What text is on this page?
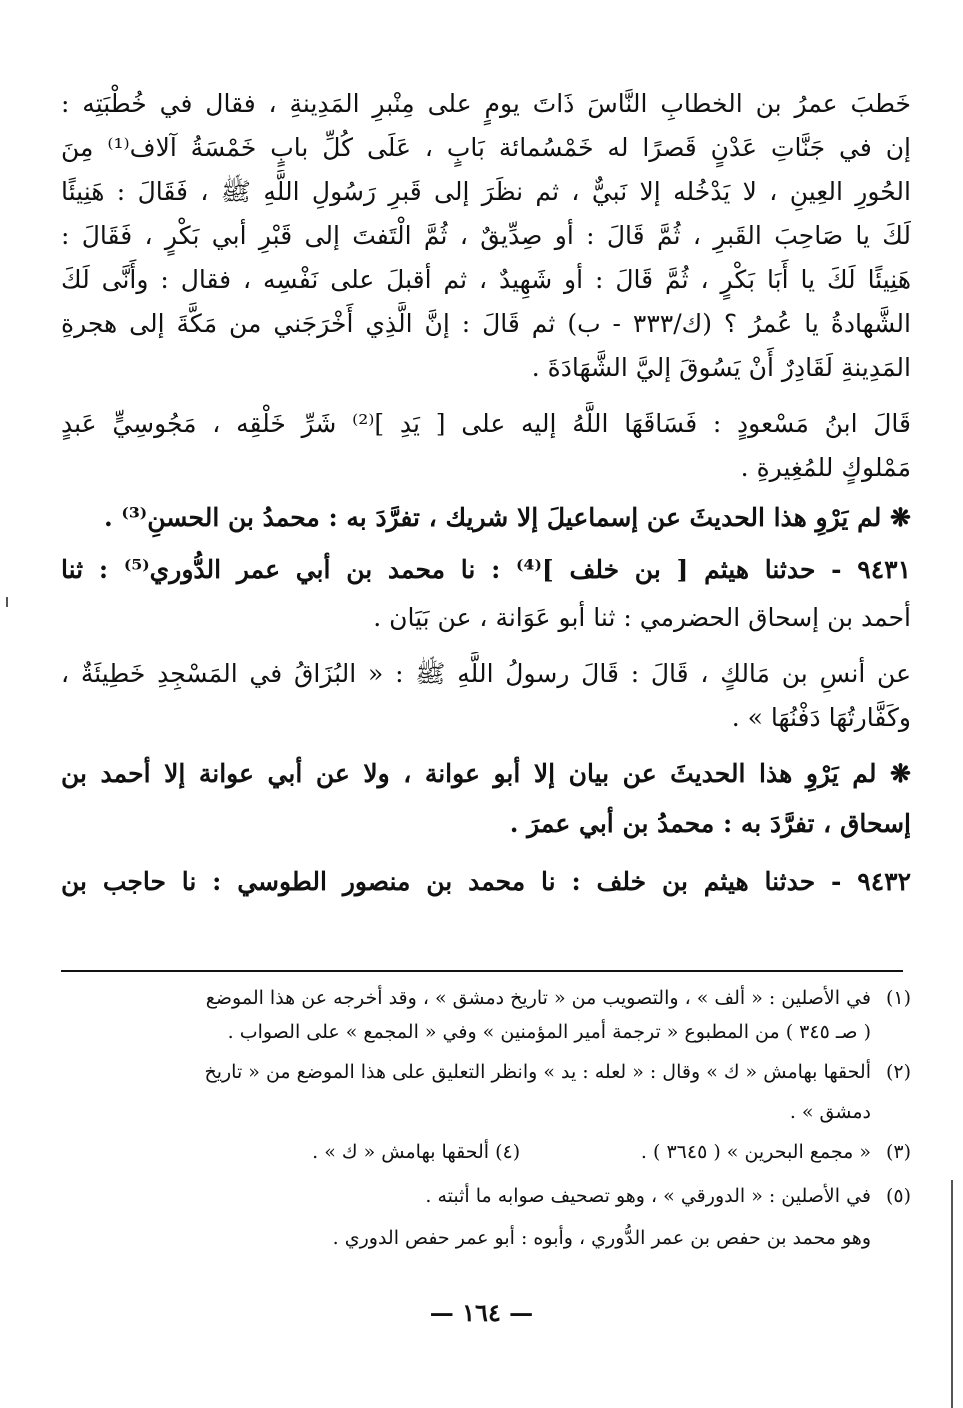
خَطبَ عمرُ بن الخطابِ النَّاسَ ذَاتَ يومٍ على مِنْبرِ المَدِينةِ ، فقال في خُطْبَتِه :
إن في جَنَّاتِ عَدْنٍ قَصرًا له خَمْسُمائة بَابٍ ، عَلَى كُلِّ بابٍ خَمْسَةُ آلاف⁽¹⁾ مِنَ
الحُورِ العِينِ ، لا يَدْخُله إلا نَبيٌّ ، ثم نظَرَ إلى قَبرِ رَسُولِ اللَّهِ ﷺ ، فَقَالَ : هَنِيئًا
لَكَ يا صَاحِبَ القَبرِ ، ثُمَّ قَالَ : أو صِدِّيقٌ ، ثُمَّ الْتَفتَ إلى قَبْرِ أبي بَكْرٍ ، فَقَالَ :
هَنِيئًا لَكَ يا أَبَا بَكْرٍ ، ثُمَّ قَالَ : أو شَهِيدٌ ، ثم أقبلَ على نَفْسِه ، فقال : وأَنَّى لَكَ
الشَّهادةُ يا عُمرُ ؟ (ك/٣٣٣ - ب) ثم قَالَ : إنَّ الَّذِي أَخْرَجَني من مَكَّةَ إلى هجرةِ
المَدِينةِ لَقَادِرٌ أَنْ يَسُوقَ إليَّ الشَّهَادَةَ .
قَالَ ابنُ مَسْعودٍ : فَسَاقَهَا اللَّهُ إليه على [ يَدِ ]⁽²⁾ شَرِّ خَلْقِه ، مَجُوسِيٍّ عَبدٍ
مَمْلوكٍ للمُغِيرةِ .
❋ لم يَرْوِ هذا الحديثَ عن إسماعيلَ إلا شريك ، تفرَّدَ به : محمدُ بن الحسنِ⁽³⁾ .
٩٤٣١ - حدثنا هيثم [ بن خلف ]⁽⁴⁾ : نا محمد بن أبي عمر الدُّوري⁽⁵⁾ : ثنا
أحمد بن إسحاق الحضرمي : ثنا أبو عَوَانة ، عن بَيَان .
عن أنسِ بن مَالكٍ ، قَالَ : قَالَ رسولُ اللَّهِ ﷺ : « البُزَاقُ في المَسْجِدِ خَطِيئَةٌ ،
وكَفَّارتُهَا دَفْنُهَا » .
❋ لم يَرْوِ هذا الحديثَ عن بيان إلا أبو عوانة ، ولا عن أبي عوانة إلا أحمد بن
إسحاق ، تفرَّدَ به : محمدُ بن أبي عمرَ .
٩٤٣٢ - حدثنا هيثم بن خلف : نا محمد بن منصور الطوسي : نا حاجب بن
(١)في الأصلين : « ألف » ، والتصويب من « تاريخ دمشق » ، وقد أخرجه عن هذا الموضع
( صـ ٣٤٥ ) من المطبوع « ترجمة أمير المؤمنين » وفي « المجمع » على الصواب .
(٢)ألحقها بهامش « ك » وقال : « لعله : يد » وانظر التعليق على هذا الموضع من « تاريخ
دمشق » .
(٣)« مجمع البحرين » ( ٣٦٤٥ ) .                    (٤) ألحقها بهامش « ك » .
(٥)في الأصلين : « الدورقي » ، وهو تصحيف صوابه ما أثبته .
وهو محمد بن حفص بن عمر الدُّوري ، وأبوه : أبو عمر حفص الدوري .
— ١٦٤ —
